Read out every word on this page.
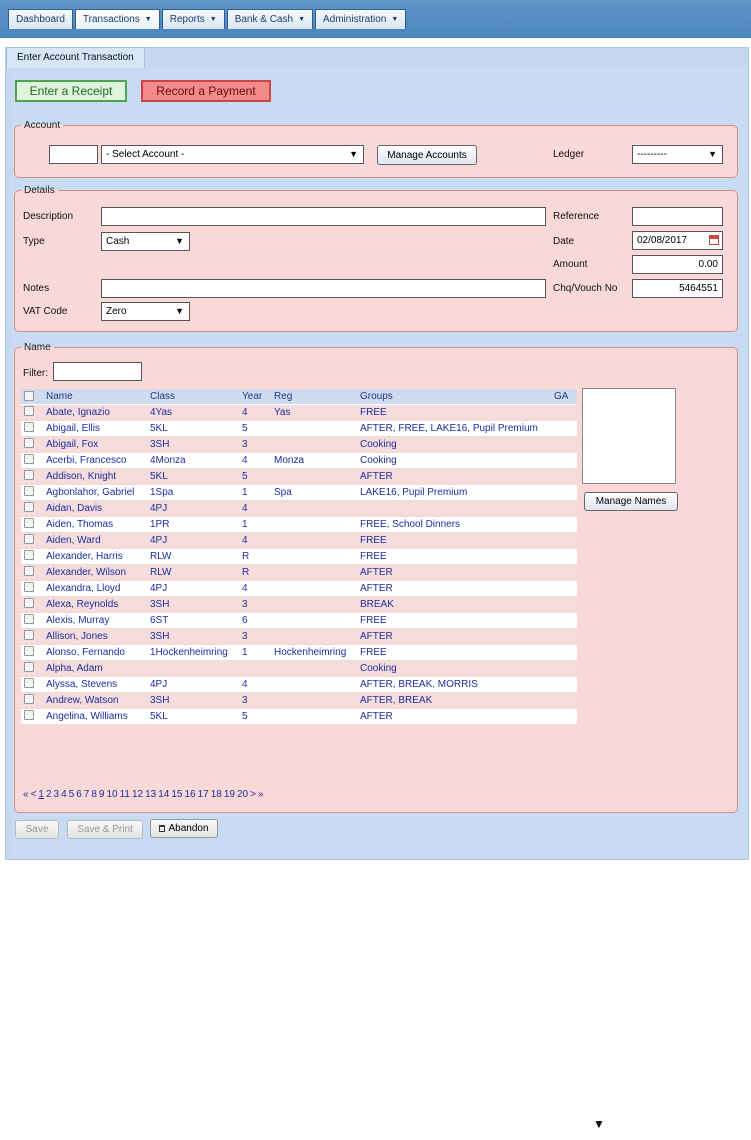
Dashboard	Transactions ▼	Reports ▼	Bank & Cash ▼	Administration ▼
Enter Account Transaction
Enter a Receipt	Record a Payment
Account
- Select Account -	▼	Manage Accounts	Ledger	---------	▼
Details
Description
Type	Cash	▼
Notes
VAT Code	Zero	▼
Reference
Date	02/08/2017
Amount	0.00
Chq/Vouch No	5464551
Name
Filter:
	Name	Class	Year	Reg	Groups	GA
	Abate, Ignazio	4Yas	4	Yas	FREE	
	Abigail, Ellis	5KL	5		AFTER, FREE, LAKE16, Pupil Premium	
	Abigail, Fox	3SH	3		Cooking	
	Acerbi, Francesco	4Monza	4	Monza	Cooking	
	Addison, Knight	5KL	5		AFTER	
	Agbonlahor, Gabriel	1Spa	1	Spa	LAKE16, Pupil Premium	
	Aidan, Davis	4PJ	4			
	Aiden, Thomas	1PR	1		FREE, School Dinners	
	Aiden, Ward	4PJ	4		FREE	
	Alexander, Harris	RLW	R		FREE	
	Alexander, Wilson	RLW	R		AFTER	
	Alexandra, Lloyd	4PJ	4		AFTER	
	Alexa, Reynolds	3SH	3		BREAK	
	Alexis, Murray	6ST	6		FREE	
	Allison, Jones	3SH	3		AFTER	
	Alonso, Fernando	1Hockenheimring	1	Hockenheimring	FREE	
	Alpha, Adam				Cooking	
	Alyssa, Stevens	4PJ	4		AFTER, BREAK, MORRIS	
	Andrew, Watson	3SH	3		AFTER, BREAK	
	Angelina, Williams	5KL	5		AFTER	
Manage Names
« < 1 2 3 4 5 6 7 8 9 10 11 12 13 14 15 16 17 18 19 20 > »
Save	Save & Print	Abandon
▼
